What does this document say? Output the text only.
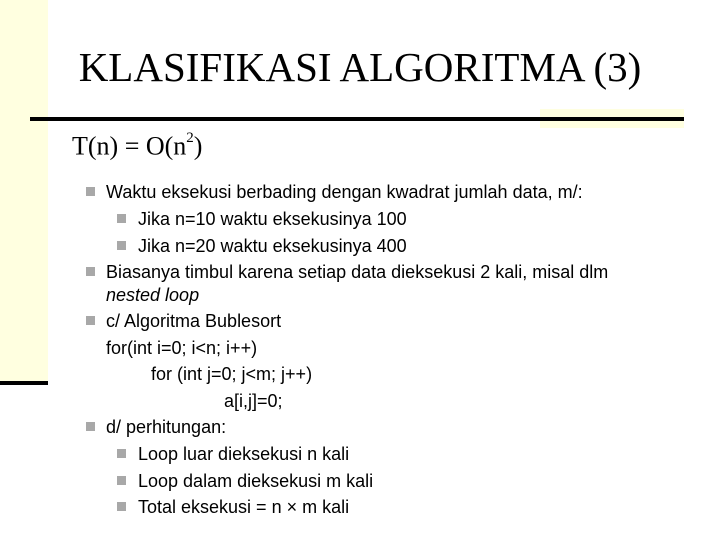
KLASIFIKASI ALGORITMA (3)
$T(n) = O(n^2)$
Waktu eksekusi berbading dengan kwadrat jumlah data, m/:
Jika n=10 waktu eksekusinya 100
Jika n=20 waktu eksekusinya 400
Biasanya timbul karena setiap data dieksekusi 2 kali, misal dlm
nested loop
c/ Algoritma Bublesort
for(int i=0; i<n; i++)
for (int j=0; j<m; j++)
a[i,j]=0;
d/ perhitungan:
Loop luar dieksekusi n kali
Loop dalam dieksekusi m kali
Total eksekusi = n × m kali
